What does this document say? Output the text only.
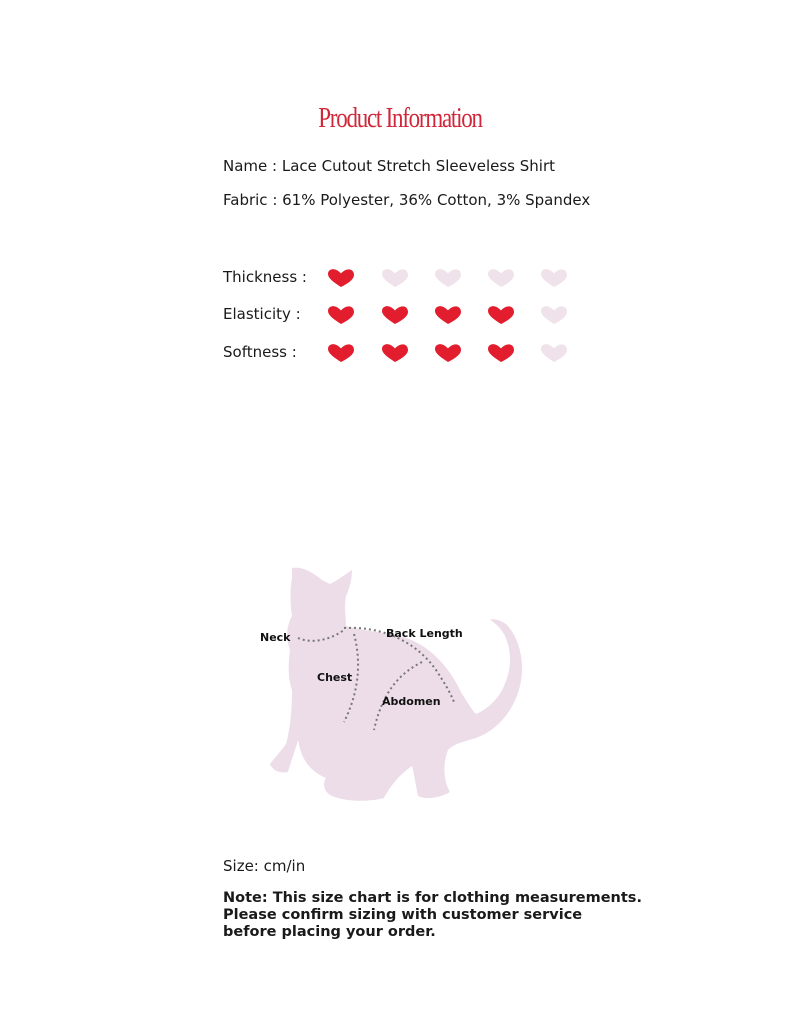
Product Information
Name : Lace Cutout Stretch Sleeveless Shirt
Fabric : 61% Polyester, 36% Cotton, 3% Spandex
Thickness :
Elasticity :
Softness :
Neck	Back Length
Chest
Abdomen
Size: cm/in
Note: This size chart is for clothing measurements.
Please confirm sizing with customer service
before placing your order.
